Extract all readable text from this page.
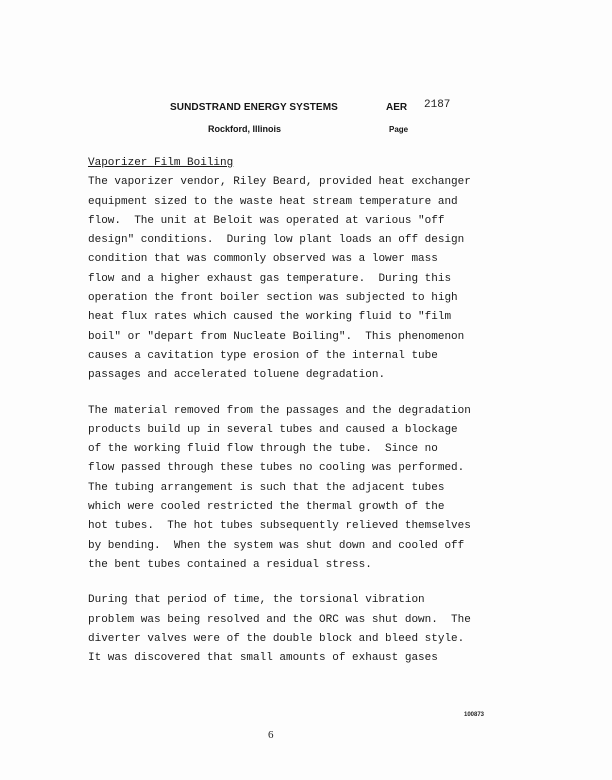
SUNDSTRAND ENERGY SYSTEMS
Rockford, Illinois
AER 2187
Page
Vaporizer Film Boiling
The vaporizer vendor, Riley Beard, provided heat exchanger
equipment sized to the waste heat stream temperature and
flow.  The unit at Beloit was operated at various "off
design" conditions.  During low plant loads an off design
condition that was commonly observed was a lower mass
flow and a higher exhaust gas temperature.  During this
operation the front boiler section was subjected to high
heat flux rates which caused the working fluid to "film
boil" or "depart from Nucleate Boiling".  This phenomenon
causes a cavitation type erosion of the internal tube
passages and accelerated toluene degradation.
The material removed from the passages and the degradation
products build up in several tubes and caused a blockage
of the working fluid flow through the tube.  Since no
flow passed through these tubes no cooling was performed.
The tubing arrangement is such that the adjacent tubes
which were cooled restricted the thermal growth of the
hot tubes.  The hot tubes subsequently relieved themselves
by bending.  When the system was shut down and cooled off
the bent tubes contained a residual stress.
During that period of time, the torsional vibration
problem was being resolved and the ORC was shut down.  The
diverter valves were of the double block and bleed style.
It was discovered that small amounts of exhaust gases
100873
6
